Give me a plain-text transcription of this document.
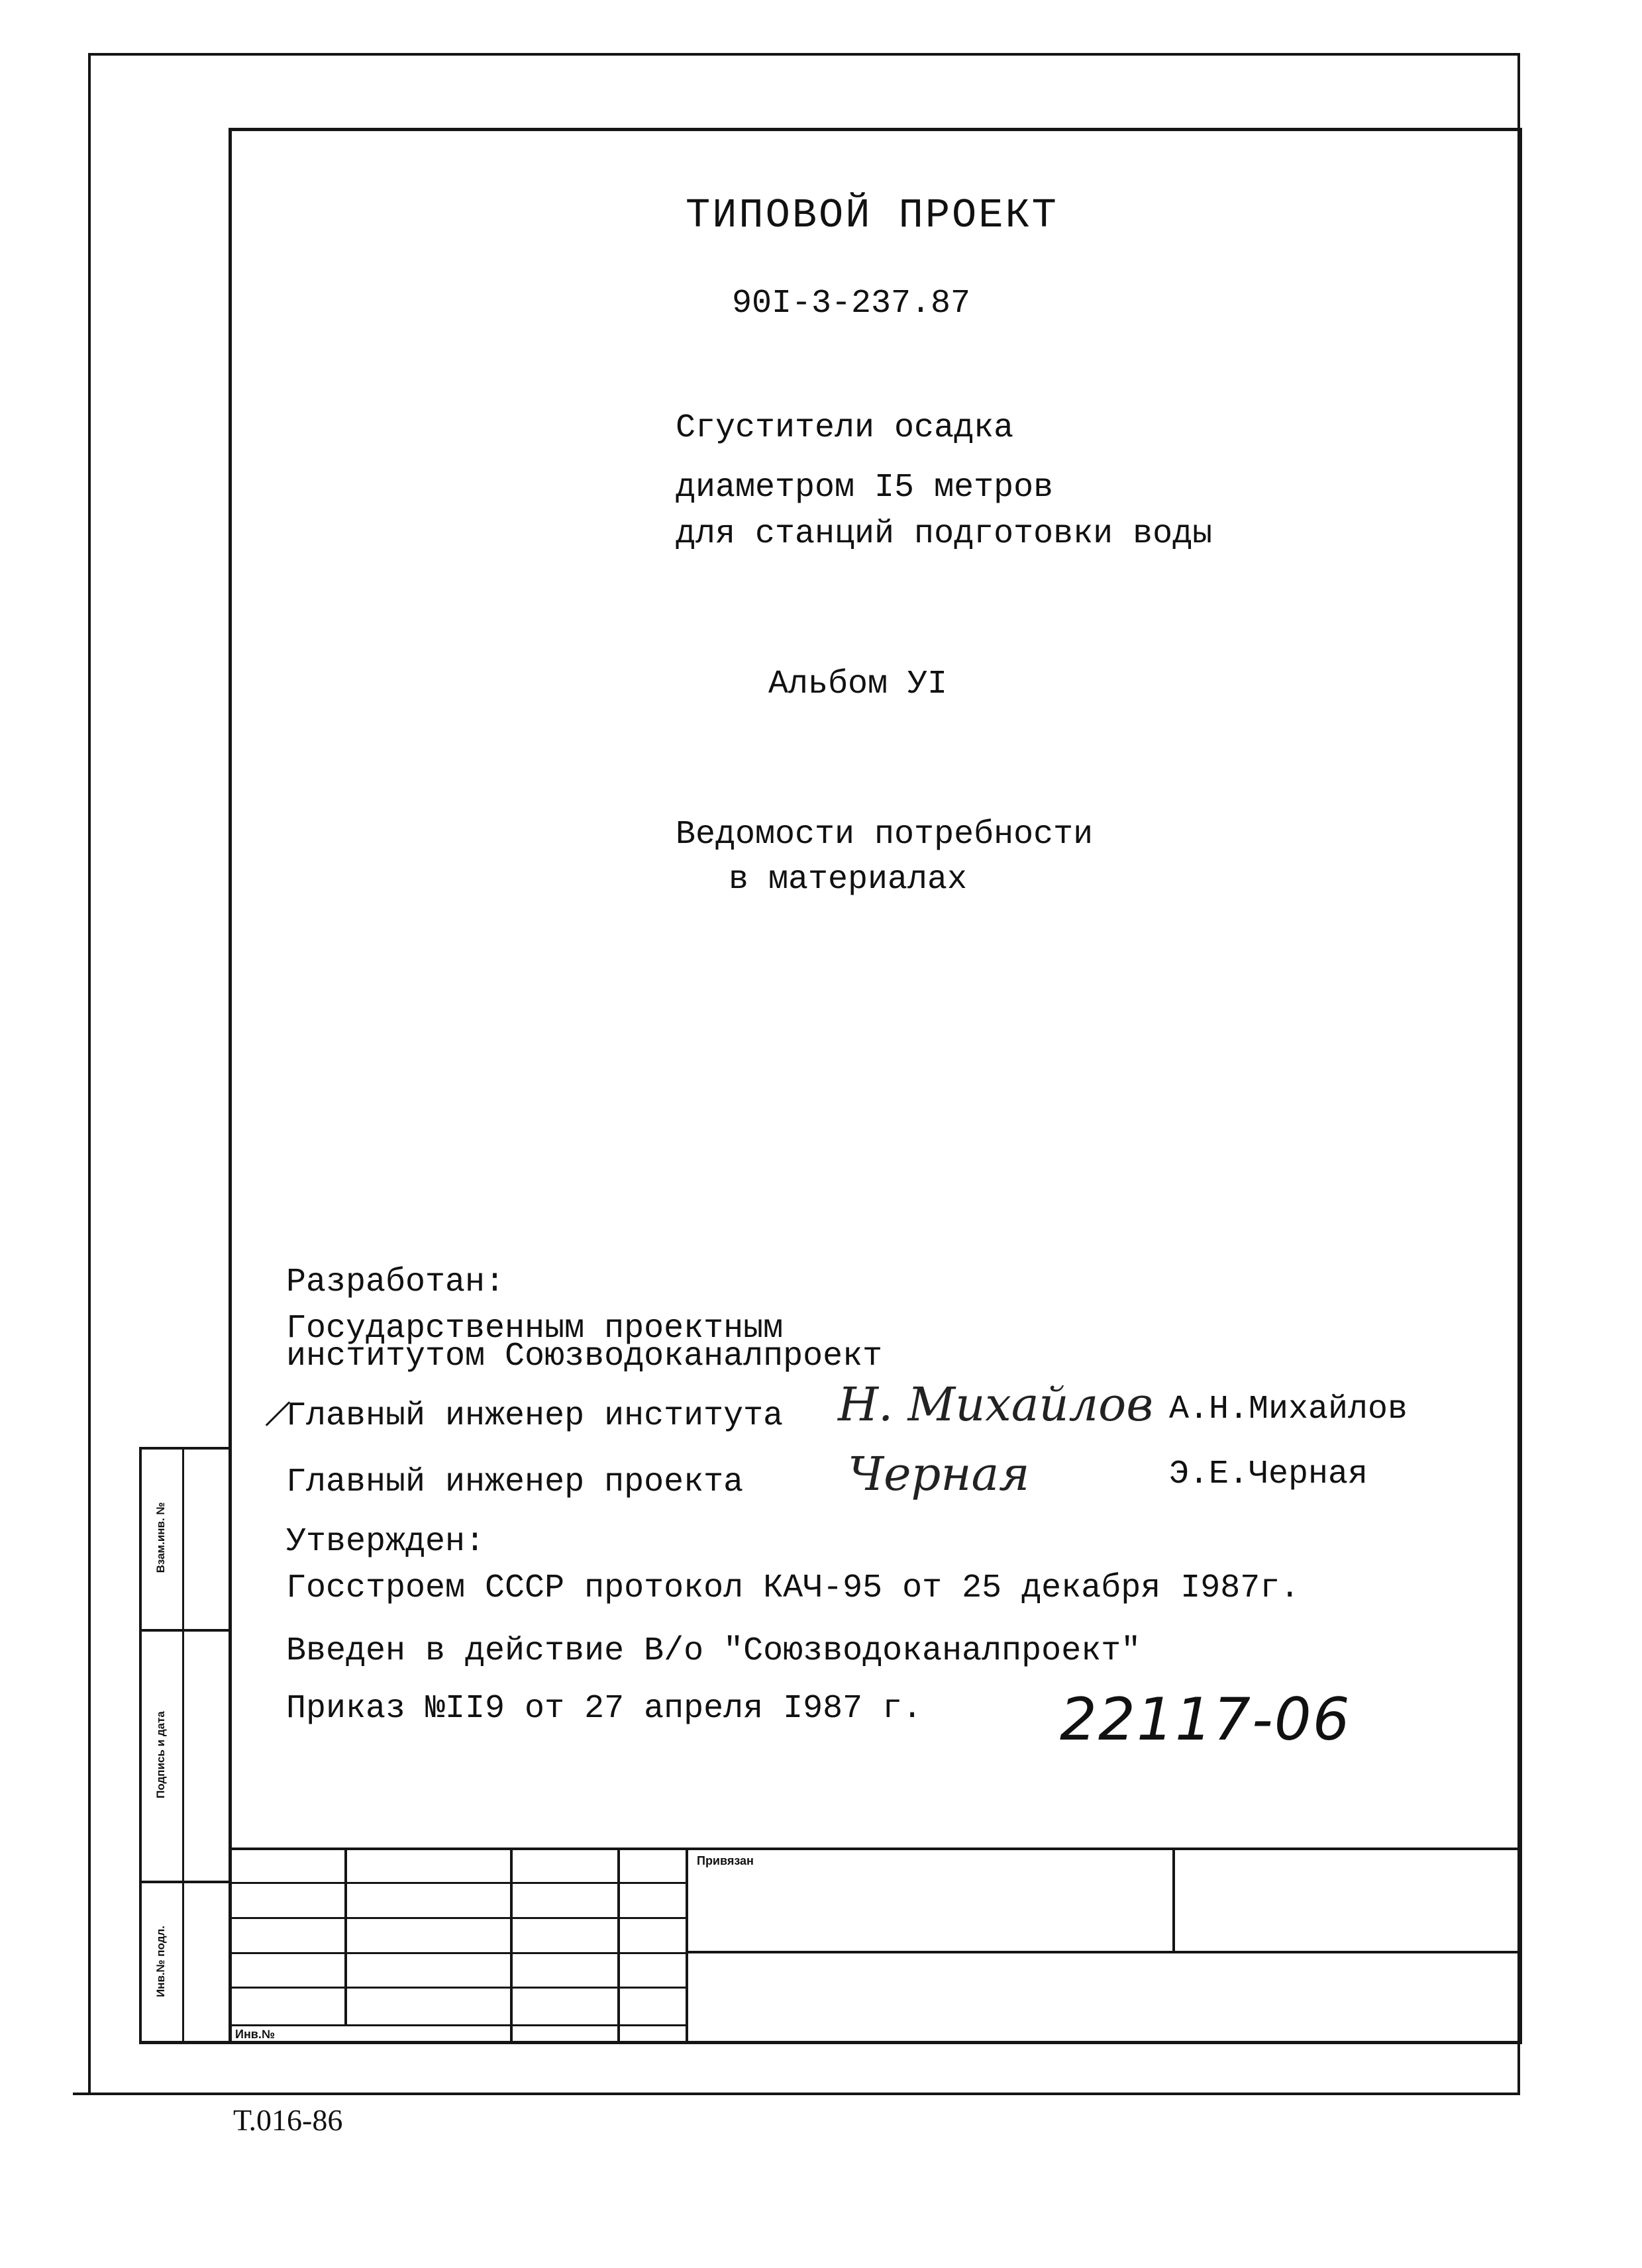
ТИПОВОЙ ПРОЕКТ
90I-3-237.87
Сгустители осадка
диаметром I5 метров
для станций подготовки воды
Альбом УI
Ведомости потребности
в материалах
Разработан:
Государственным проектным
институтом Союзводоканалпроект
Главный инженер института Н. Михайлов А.Н.Михайлов
Главный инженер проекта Черная	Э.Е.Черная
Утвержден:
Госстроем СССР протокол КАЧ-95 от 25 декабря I987г.
Введен в действие В/о "Союзводоканалпроект"
Приказ №II9 от 27 апреля I987 г. 22117-06
Привязан
Инв.№
Взам.инв. №
Подпись и дата
Инв.№ подл.
Т.016-86
